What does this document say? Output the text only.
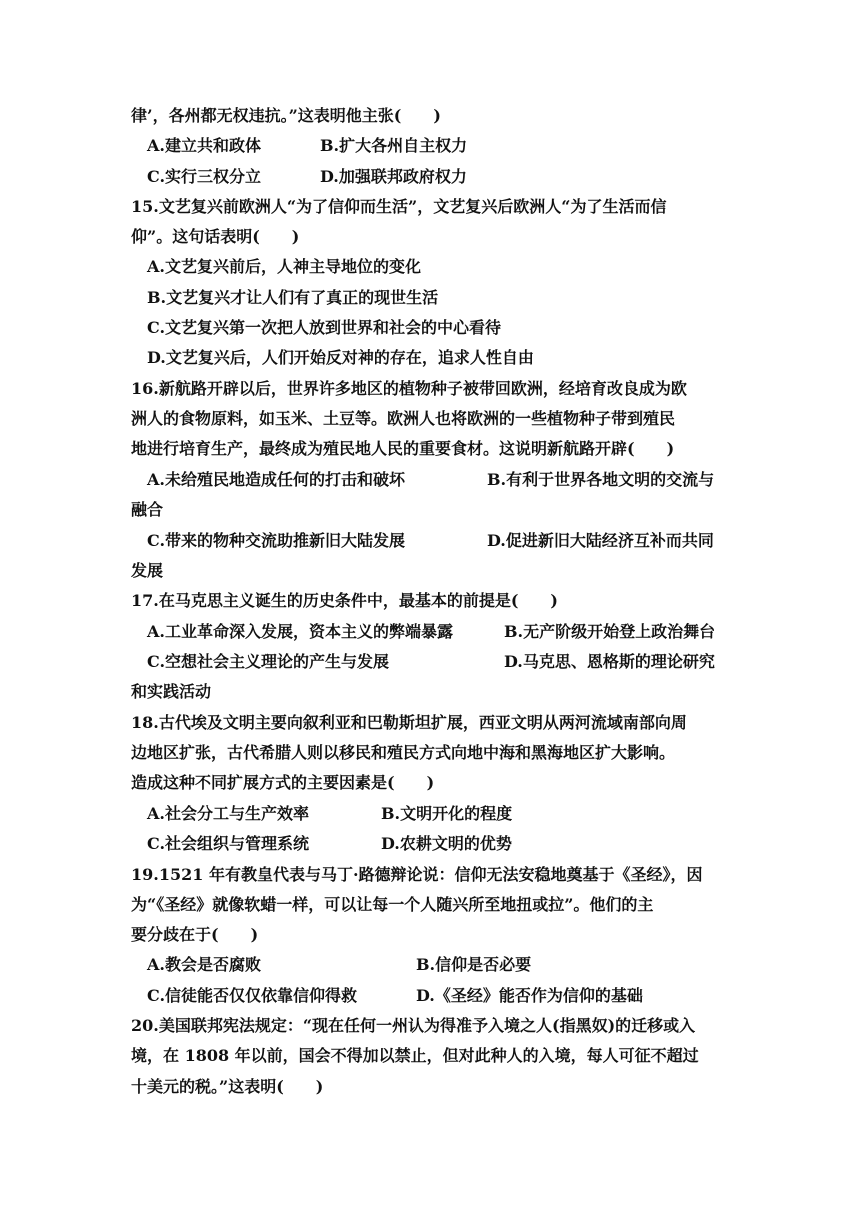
律’，各州都无权违抗。”这表明他主张(　　)
A.建立共和政体	B.扩大各州自主权力
C.实行三权分立	D.加强联邦政府权力
15.文艺复兴前欧洲人“为了信仰而生活”，文艺复兴后欧洲人“为了生活而信
仰”。这句话表明(　　)
A.文艺复兴前后，人神主导地位的变化
B.文艺复兴才让人们有了真正的现世生活
C.文艺复兴第一次把人放到世界和社会的中心看待
D.文艺复兴后，人们开始反对神的存在，追求人性自由
16.新航路开辟以后，世界许多地区的植物种子被带回欧洲，经培育改良成为欧
洲人的食物原料，如玉米、土豆等。欧洲人也将欧洲的一些植物种子带到殖民
地进行培育生产，最终成为殖民地人民的重要食材。这说明新航路开辟(　　)
A.未给殖民地造成任何的打击和破坏	B.有利于世界各地文明的交流与
融合
C.带来的物种交流助推新旧大陆发展	D.促进新旧大陆经济互补而共同
发展
17.在马克思主义诞生的历史条件中，最基本的前提是(　　)
A.工业革命深入发展，资本主义的弊端暴露	B.无产阶级开始登上政治舞台
C.空想社会主义理论的产生与发展	D.马克思、恩格斯的理论研究
和实践活动
18.古代埃及文明主要向叙利亚和巴勒斯坦扩展，西亚文明从两河流域南部向周
边地区扩张，古代希腊人则以移民和殖民方式向地中海和黑海地区扩大影响。
造成这种不同扩展方式的主要因素是(　　)
A.社会分工与生产效率	B.文明开化的程度
C.社会组织与管理系统	D.农耕文明的优势
19.1521 年有教皇代表与马丁·路德辩论说：信仰无法安稳地奠基于《圣经》，因
为“《圣经》就像软蜡一样，可以让每一个人随兴所至地扭或拉”。他们的主
要分歧在于(　　)
A.教会是否腐败	B.信仰是否必要
C.信徒能否仅仅依靠信仰得救	D.《圣经》能否作为信仰的基础
20.美国联邦宪法规定：“现在任何一州认为得准予入境之人(指黑奴)的迁移或入
境，在 1808 年以前，国会不得加以禁止，但对此种人的入境，每人可征不超过
十美元的税。”这表明(　　)
